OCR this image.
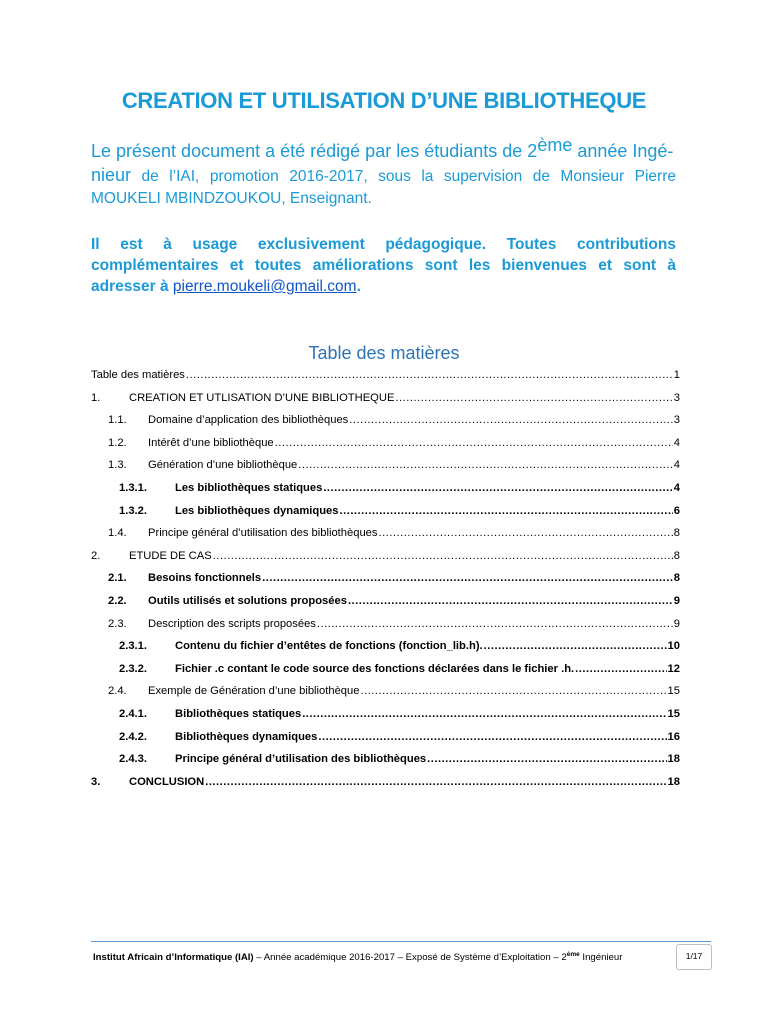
CREATION ET UTILISATION D’UNE BIBLIOTHEQUE
Le présent document a été rédigé par les étudiants de 2ème année Ingé-
nieur de l’IAI, promotion 2016-2017, sous la supervision de Monsieur Pierre MOUKELI MBINDZOUKOU, Enseignant.
Il est à usage exclusivement pédagogique. Toutes contributions complémentaires et toutes améliorations sont les bienvenues et sont à adresser à pierre.moukeli@gmail.com.
Table des matières
Table des matières .....	1
1.	CREATION ET UTLISATION D’UNE BIBLIOTHEQUE .....	3
1.1.	Domaine d’application des bibliothèques .....	3
1.2.	Intérêt d’une bibliothèque .....	4
1.3.	Génération d’une bibliothèque .....	4
1.3.1.	Les bibliothèques statiques .....	4
1.3.2.	Les bibliothèques dynamiques .....	6
1.4.	Principe général d’utilisation des bibliothèques .....	8
2.	ETUDE DE CAS .....	8
2.1.	Besoins fonctionnels .....	8
2.2.	Outils utilisés et solutions proposées .....	9
2.3.	Description des scripts proposées .....	9
2.3.1.	Contenu du fichier d’entêtes de fonctions (fonction_lib.h). .....	10
2.3.2.	Fichier .c contant le code source des fonctions déclarées dans le fichier .h. .....	12
2.4.	Exemple de Génération d’une bibliothèque .....	15
2.4.1.	Bibliothèques statiques .....	15
2.4.2.	Bibliothèques dynamiques .....	16
2.4.3.	Principe général d’utilisation des bibliothèques .....	18
3.	CONCLUSION .....	18
Institut Africain d’Informatique (IAI) – Année académique 2016-2017 – Exposé de Système d’Exploitation – 2ème Ingénieur	1/17
